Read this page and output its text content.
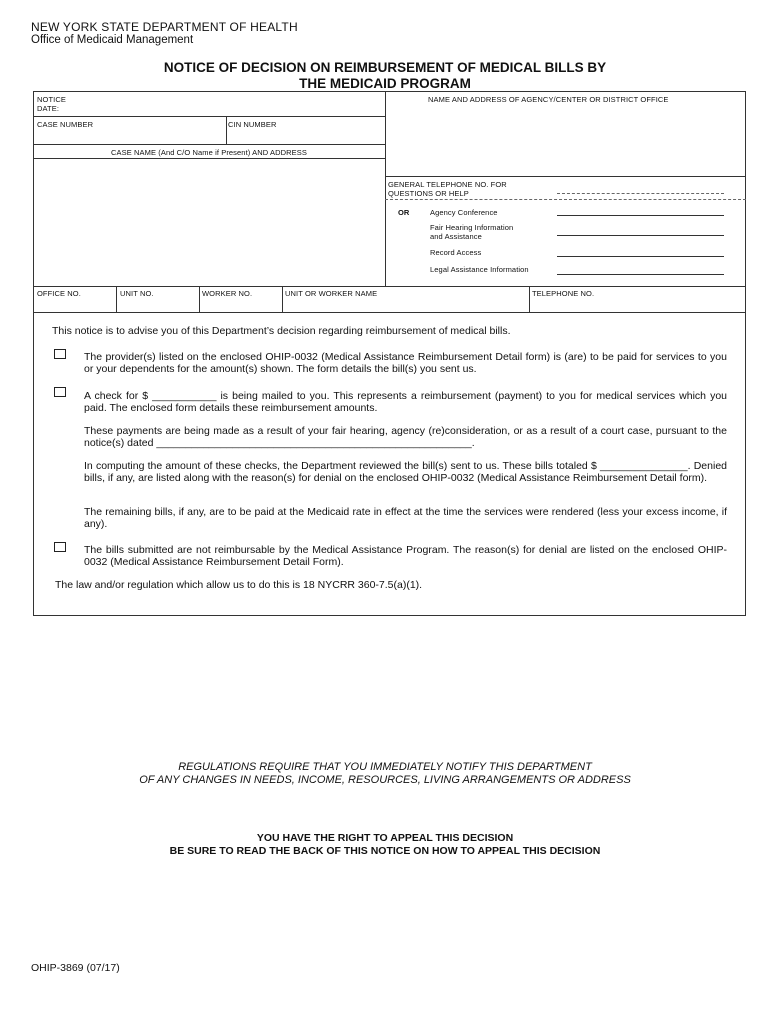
NEW YORK STATE DEPARTMENT OF HEALTH
Office of Medicaid Management
NOTICE OF DECISION ON REIMBURSEMENT OF MEDICAL BILLS BY
THE MEDICAID PROGRAM
NOTICE
DATE:
NAME AND ADDRESS OF AGENCY/CENTER OR DISTRICT OFFICE
CASE NUMBER	CIN NUMBER
CASE NAME (And C/O Name if Present) AND ADDRESS
GENERAL TELEPHONE NO. FOR
QUESTIONS OR HELP
OR	Agency Conference
Fair Hearing Information
and Assistance
Record Access
Legal Assistance Information
OFFICE NO.	UNIT NO.	WORKER NO.	UNIT OR WORKER NAME	TELEPHONE NO.
This notice is to advise you of this Department’s decision regarding reimbursement of medical bills.
The provider(s) listed on the enclosed OHIP-0032 (Medical Assistance Reimbursement Detail form) is (are) to be paid for services to you or your dependents for the amount(s) shown. The form details the bill(s) you sent us.
A check for $ ___________ is being mailed to you. This represents a reimbursement (payment) to you for medical services which you paid. The enclosed form details these reimbursement amounts.
These payments are being made as a result of your fair hearing, agency (re)consideration, or as a result of a court case, pursuant to the notice(s) dated ______________________________________________________.
In computing the amount of these checks, the Department reviewed the bill(s) sent to us. These bills totaled $ _______________. Denied bills, if any, are listed along with the reason(s) for denial on the enclosed OHIP-0032 (Medical Assistance Reimbursement Detail form).
The remaining bills, if any, are to be paid at the Medicaid rate in effect at the time the services were rendered (less your excess income, if any).
The bills submitted are not reimbursable by the Medical Assistance Program. The reason(s) for denial are listed on the enclosed OHIP-0032 (Medical Assistance Reimbursement Detail Form).
The law and/or regulation which allow us to do this is 18 NYCRR 360-7.5(a)(1).
REGULATIONS REQUIRE THAT YOU IMMEDIATELY NOTIFY THIS DEPARTMENT
OF ANY CHANGES IN NEEDS, INCOME, RESOURCES, LIVING ARRANGEMENTS OR ADDRESS
YOU HAVE THE RIGHT TO APPEAL THIS DECISION
BE SURE TO READ THE BACK OF THIS NOTICE ON HOW TO APPEAL THIS DECISION
OHIP-3869 (07/17)
